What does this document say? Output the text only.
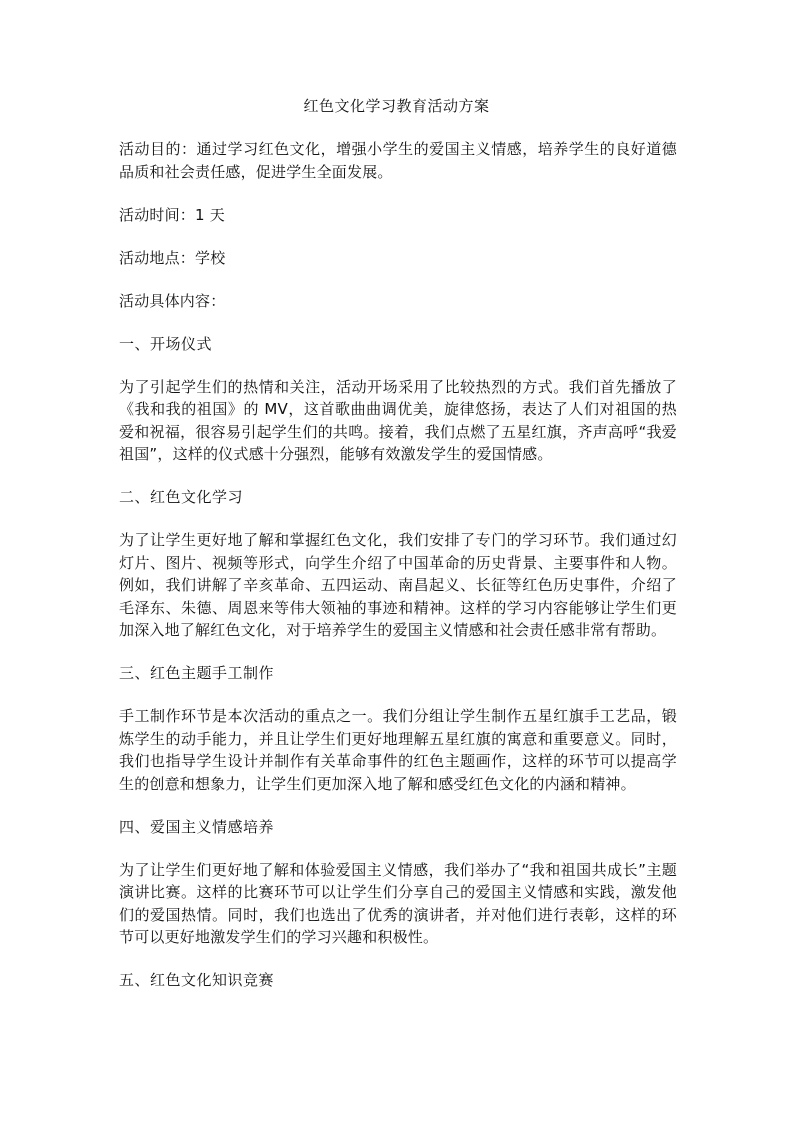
红色文化学习教育活动方案

活动目的：通过学习红色文化，增强小学生的爱国主义情感，培养学生的良好道德品质和社会责任感，促进学生全面发展。

活动时间：1 天

活动地点：学校

活动具体内容：

一、开场仪式

为了引起学生们的热情和关注，活动开场采用了比较热烈的方式。我们首先播放了《我和我的祖国》的 MV，这首歌曲曲调优美，旋律悠扬，表达了人们对祖国的热爱和祝福，很容易引起学生们的共鸣。接着，我们点燃了五星红旗，齐声高呼“我爱祖国”，这样的仪式感十分强烈，能够有效激发学生的爱国情感。

二、红色文化学习

为了让学生更好地了解和掌握红色文化，我们安排了专门的学习环节。我们通过幻灯片、图片、视频等形式，向学生介绍了中国革命的历史背景、主要事件和人物。例如，我们讲解了辛亥革命、五四运动、南昌起义、长征等红色历史事件，介绍了毛泽东、朱德、周恩来等伟大领袖的事迹和精神。这样的学习内容能够让学生们更加深入地了解红色文化，对于培养学生的爱国主义情感和社会责任感非常有帮助。

三、红色主题手工制作

手工制作环节是本次活动的重点之一。我们分组让学生制作五星红旗手工艺品，锻炼学生的动手能力，并且让学生们更好地理解五星红旗的寓意和重要意义。同时，我们也指导学生设计并制作有关革命事件的红色主题画作，这样的环节可以提高学生的创意和想象力，让学生们更加深入地了解和感受红色文化的内涵和精神。

四、爱国主义情感培养

为了让学生们更好地了解和体验爱国主义情感，我们举办了“我和祖国共成长”主题演讲比赛。这样的比赛环节可以让学生们分享自己的爱国主义情感和实践，激发他们的爱国热情。同时，我们也选出了优秀的演讲者，并对他们进行表彰，这样的环节可以更好地激发学生们的学习兴趣和积极性。

五、红色文化知识竞赛
